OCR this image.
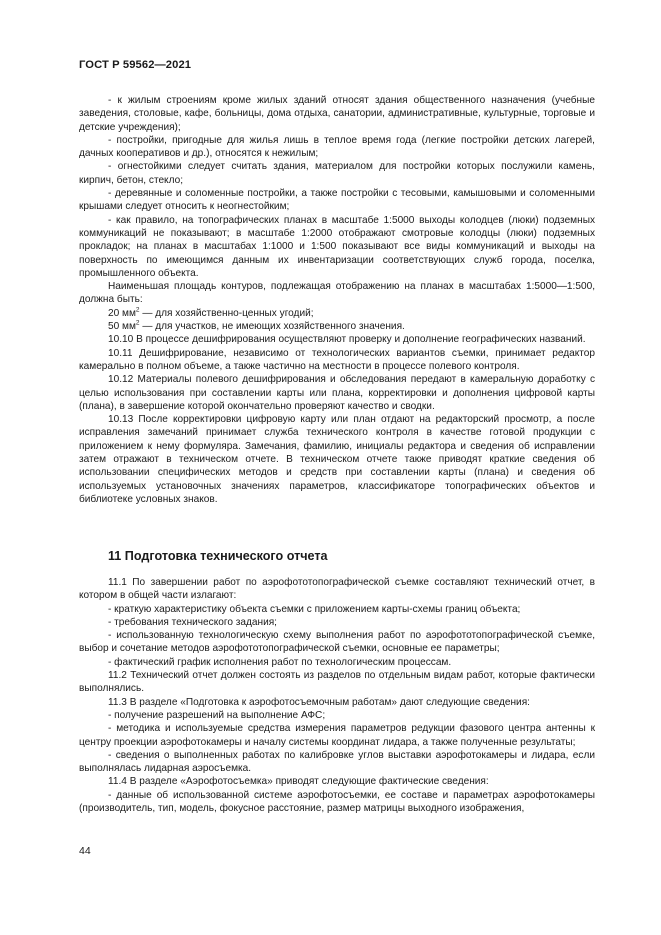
ГОСТ Р 59562—2021

- к жилым строениям кроме жилых зданий относят здания общественного назначения (учебные заведения, столовые, кафе, больницы, дома отдыха, санатории, административные, культурные, торговые и детские учреждения);

- постройки, пригодные для жилья лишь в теплое время года (легкие постройки детских лагерей, дачных кооперативов и др.), относятся к нежилым;

- огнестойкими следует считать здания, материалом для постройки которых послужили камень, кирпич, бетон, стекло;

- деревянные и соломенные постройки, а также постройки с тесовыми, камышовыми и соломенными крышами следует относить к неогнестойким;

- как правило, на топографических планах в масштабе 1:5000 выходы колодцев (люки) подземных коммуникаций не показывают; в масштабе 1:2000 отображают смотровые колодцы (люки) подземных прокладок; на планах в масштабах 1:1000 и 1:500 показывают все виды коммуникаций и выходы на поверхность по имеющимся данным их инвентаризации соответствующих служб города, поселка, промышленного объекта.

Наименьшая площадь контуров, подлежащая отображению на планах в масштабах 1:5000—1:500, должна быть:

20 $мм^2$ — для хозяйственно-ценных угодий;

50 $мм^2$ — для участков, не имеющих хозяйственного значения.

10.10 В процессе дешифрирования осуществляют проверку и дополнение географических названий.

10.11 Дешифрирование, независимо от технологических вариантов съемки, принимает редактор камерально в полном объеме, а также частично на местности в процессе полевого контроля.

10.12 Материалы полевого дешифрирования и обследования передают в камеральную доработку с целью использования при составлении карты или плана, корректировки и дополнения цифровой карты (плана), в завершение которой окончательно проверяют качество и сводки.

10.13 После корректировки цифровую карту или план отдают на редакторский просмотр, а после исправления замечаний принимает служба технического контроля в качестве готовой продукции с приложением к нему формуляра. Замечания, фамилию, инициалы редактора и сведения об исправлении затем отражают в техническом отчете. В техническом отчете также приводят краткие сведения об использовании специфических методов и средств при составлении карты (плана) и сведения об используемых установочных значениях параметров, классификаторе топографических объектов и библиотеке условных знаков.

11 Подготовка технического отчета

11.1 По завершении работ по аэрофототопографической съемке составляют технический отчет, в котором в общей части излагают:

- краткую характеристику объекта съемки с приложением карты-схемы границ объекта;

- требования технического задания;

- использованную технологическую схему выполнения работ по аэрофототопографической съемке, выбор и сочетание методов аэрофототопографической съемки, основные ее параметры;

- фактический график исполнения работ по технологическим процессам.

11.2 Технический отчет должен состоять из разделов по отдельным видам работ, которые фактически выполнялись.

11.3 В разделе «Подготовка к аэрофотосъемочным работам» дают следующие сведения:

- получение разрешений на выполнение АФС;

- методика и используемые средства измерения параметров редукции фазового центра антенны к центру проекции аэрофотокамеры и началу системы координат лидара, а также полученные результаты;

- сведения о выполненных работах по калибровке углов выставки аэрофотокамеры и лидара, если выполнялась лидарная аэросъемка.

11.4 В разделе «Аэрофотосъемка» приводят следующие фактические сведения:

- данные об использованной системе аэрофотосъемки, ее составе и параметрах аэрофотокамеры (производитель, тип, модель, фокусное расстояние, размер матрицы выходного изображения,

44
